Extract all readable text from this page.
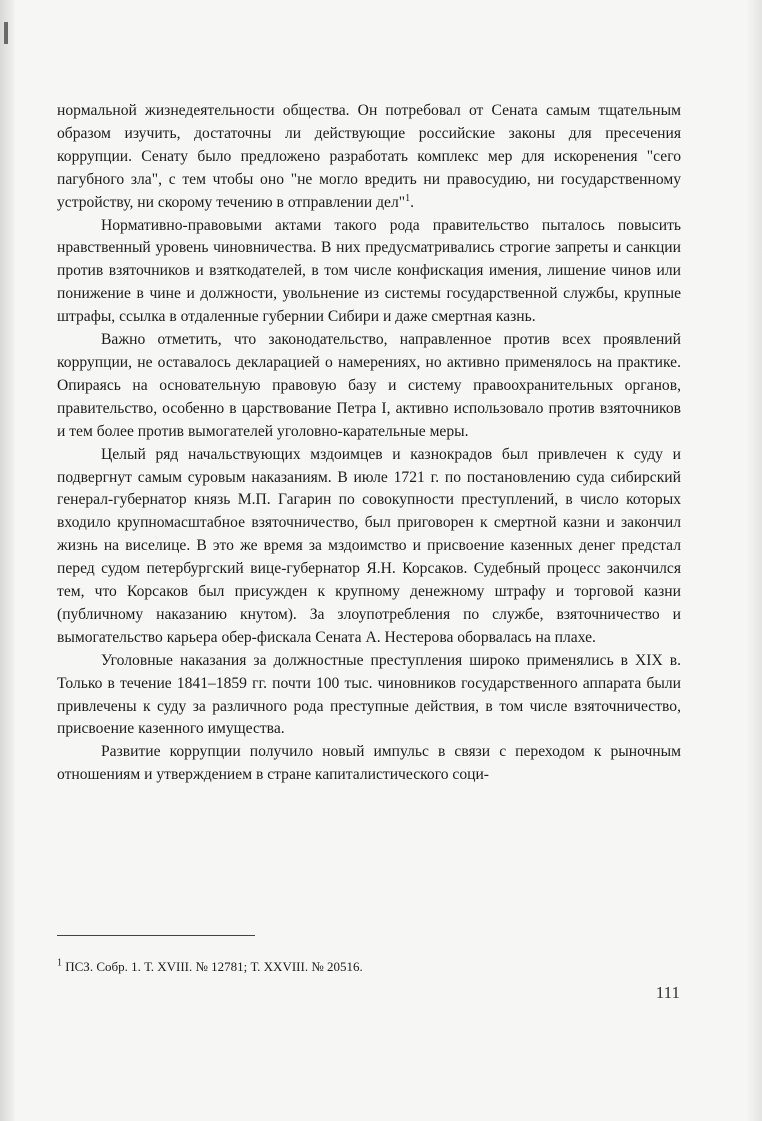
нормальной жизнедеятельности общества. Он потребовал от Сената самым тщательным образом изучить, достаточны ли действующие российские законы для пресечения коррупции. Сенату было предложено разработать комплекс мер для искоренения "сего пагубного зла", с тем чтобы оно "не могло вредить ни правосудию, ни государственному устройству, ни скорому течению в отправлении дел"$^1$.

Нормативно-правовыми актами такого рода правительство пыталось повысить нравственный уровень чиновничества. В них предусматривались строгие запреты и санкции против взяточников и взяткодателей, в том числе конфискация имения, лишение чинов или понижение в чине и должности, увольнение из системы государственной службы, крупные штрафы, ссылка в отдаленные губернии Сибири и даже смертная казнь.

Важно отметить, что законодательство, направленное против всех проявлений коррупции, не оставалось декларацией о намерениях, но активно применялось на практике. Опираясь на основательную правовую базу и систему правоохранительных органов, правительство, особенно в царствование Петра I, активно использовало против взяточников и тем более против вымогателей уголовно-карательные меры.

Целый ряд начальствующих мздоимцев и казнокрадов был привлечен к суду и подвергнут самым суровым наказаниям. В июле 1721 г. по постановлению суда сибирский генерал-губернатор князь М.П. Гагарин по совокупности преступлений, в число которых входило крупномасштабное взяточничество, был приговорен к смертной казни и закончил жизнь на виселице. В это же время за мздоимство и присвоение казенных денег предстал перед судом петербургский вице-губернатор Я.Н. Корсаков. Судебный процесс закончился тем, что Корсаков был присужден к крупному денежному штрафу и торговой казни (публичному наказанию кнутом). За злоупотребления по службе, взяточничество и вымогательство карьера обер-фискала Сената А. Нестерова оборвалась на плахе.

Уголовные наказания за должностные преступления широко применялись в XIX в. Только в течение 1841–1859 гг. почти 100 тыс. чиновников государственного аппарата были привлечены к суду за различного рода преступные действия, в том числе взяточничество, присвоение казенного имущества.

Развитие коррупции получило новый импульс в связи с переходом к рыночным отношениям и утверждением в стране капиталистического соци-

$^1$ ПСЗ. Собр. 1. Т. XVIII. № 12781; Т. XXVIII. № 20516.
111
